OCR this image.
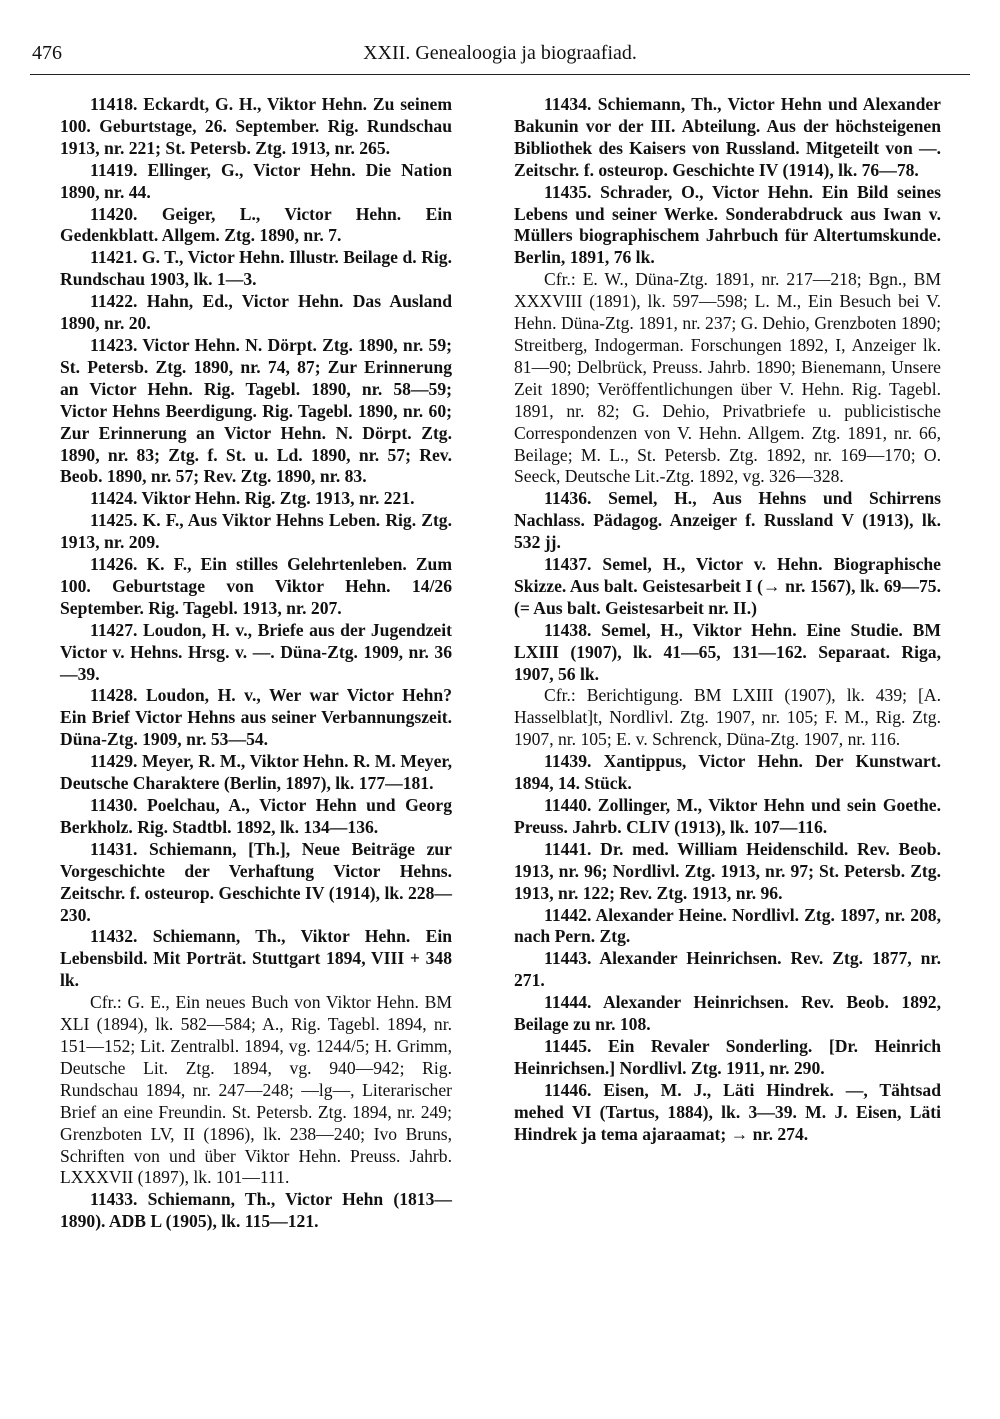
476	XXII. Genealoogia ja biograafiad.

11418. Eckardt, G. H., Viktor Hehn. Zu seinem 100. Geburtstage, 26. September. Rig. Rundschau 1913, nr. 221; St. Petersb. Ztg. 1913, nr. 265.

11419. Ellinger, G., Victor Hehn. Die Nation 1890, nr. 44.

11420. Geiger, L., Victor Hehn. Ein Gedenkblatt. Allgem. Ztg. 1890, nr. 7.

11421. G. T., Victor Hehn. Illustr. Beilage d. Rig. Rundschau 1903, lk. 1—3.

11422. Hahn, Ed., Victor Hehn. Das Ausland 1890, nr. 20.

11423. Victor Hehn. N. Dörpt. Ztg. 1890, nr. 59; St. Petersb. Ztg. 1890, nr. 74, 87; Zur Erinnerung an Victor Hehn. Rig. Tagebl. 1890, nr. 58—59; Victor Hehns Beerdigung. Rig. Tagebl. 1890, nr. 60; Zur Erinnerung an Victor Hehn. N. Dörpt. Ztg. 1890, nr. 83; Ztg. f. St. u. Ld. 1890, nr. 57; Rev. Beob. 1890, nr. 57; Rev. Ztg. 1890, nr. 83.

11424. Viktor Hehn. Rig. Ztg. 1913, nr. 221.

11425. K. F., Aus Viktor Hehns Leben. Rig. Ztg. 1913, nr. 209.

11426. K. F., Ein stilles Gelehrtenleben. Zum 100. Geburtstage von Viktor Hehn. 14/26 September. Rig. Tagebl. 1913, nr. 207.

11427. Loudon, H. v., Briefe aus der Jugendzeit Victor v. Hehns. Hrsg. v. —. Düna-Ztg. 1909, nr. 36—39.

11428. Loudon, H. v., Wer war Victor Hehn? Ein Brief Victor Hehns aus seiner Verbannungszeit. Düna-Ztg. 1909, nr. 53—54.

11429. Meyer, R. M., Viktor Hehn. R. M. Meyer, Deutsche Charaktere (Berlin, 1897), lk. 177—181.

11430. Poelchau, A., Victor Hehn und Georg Berkholz. Rig. Stadtbl. 1892, lk. 134—136.

11431. Schiemann, [Th.], Neue Beiträge zur Vorgeschichte der Verhaftung Victor Hehns. Zeitschr. f. osteurop. Geschichte IV (1914), lk. 228—230.

11432. Schiemann, Th., Viktor Hehn. Ein Lebensbild. Mit Porträt. Stuttgart 1894, VIII + 348 lk.

Cfr.: G. E., Ein neues Buch von Viktor Hehn. BM XLI (1894), lk. 582—584; A., Rig. Tagebl. 1894, nr. 151—152; Lit. Zentralbl. 1894, vg. 1244/5; H. Grimm, Deutsche Lit. Ztg. 1894, vg. 940—942; Rig. Rundschau 1894, nr. 247—248; —lg—, Literarischer Brief an eine Freundin. St. Petersb. Ztg. 1894, nr. 249; Grenzboten LV, II (1896), lk. 238—240; Ivo Bruns, Schriften von und über Viktor Hehn. Preuss. Jahrb. LXXXVII (1897), lk. 101—111.

11433. Schiemann, Th., Victor Hehn (1813—1890). ADB L (1905), lk. 115—121.

11434. Schiemann, Th., Victor Hehn und Alexander Bakunin vor der III. Abteilung. Aus der höchsteigenen Bibliothek des Kaisers von Russland. Mitgeteilt von —. Zeitschr. f. osteurop. Geschichte IV (1914), lk. 76—78.

11435. Schrader, O., Victor Hehn. Ein Bild seines Lebens und seiner Werke. Sonderabdruck aus Iwan v. Müllers biographischem Jahrbuch für Altertumskunde. Berlin, 1891, 76 lk.

Cfr.: E. W., Düna-Ztg. 1891, nr. 217—218; Bgn., BM XXXVIII (1891), lk. 597—598; L. M., Ein Besuch bei V. Hehn. Düna-Ztg. 1891, nr. 237; G. Dehio, Grenzboten 1890; Streitberg, Indogerman. Forschungen 1892, I, Anzeiger lk. 81—90; Delbrück, Preuss. Jahrb. 1890; Bienemann, Unsere Zeit 1890; Veröffentlichungen über V. Hehn. Rig. Tagebl. 1891, nr. 82; G. Dehio, Privatbriefe u. publicistische Correspondenzen von V. Hehn. Allgem. Ztg. 1891, nr. 66, Beilage; M. L., St. Petersb. Ztg. 1892, nr. 169—170; O. Seeck, Deutsche Lit.-Ztg. 1892, vg. 326—328.

11436. Semel, H., Aus Hehns und Schirrens Nachlass. Pädagog. Anzeiger f. Russland V (1913), lk. 532 jj.

11437. Semel, H., Victor v. Hehn. Biographische Skizze. Aus balt. Geistesarbeit I (→ nr. 1567), lk. 69—75. (= Aus balt. Geistesarbeit nr. II.)

11438. Semel, H., Viktor Hehn. Eine Studie. BM LXIII (1907), lk. 41—65, 131—162. Separaat. Riga, 1907, 56 lk.

Cfr.: Berichtigung. BM LXIII (1907), lk. 439; [A. Hasselblat]t, Nordlivl. Ztg. 1907, nr. 105; F. M., Rig. Ztg. 1907, nr. 105; E. v. Schrenck, Düna-Ztg. 1907, nr. 116.

11439. Xantippus, Victor Hehn. Der Kunstwart. 1894, 14. Stück.

11440. Zollinger, M., Viktor Hehn und sein Goethe. Preuss. Jahrb. CLIV (1913), lk. 107—116.

11441. Dr. med. William Heidenschild. Rev. Beob. 1913, nr. 96; Nordlivl. Ztg. 1913, nr. 97; St. Petersb. Ztg. 1913, nr. 122; Rev. Ztg. 1913, nr. 96.

11442. Alexander Heine. Nordlivl. Ztg. 1897, nr. 208, nach Pern. Ztg.

11443. Alexander Heinrichsen. Rev. Ztg. 1877, nr. 271.

11444. Alexander Heinrichsen. Rev. Beob. 1892, Beilage zu nr. 108.

11445. Ein Revaler Sonderling. [Dr. Heinrich Heinrichsen.] Nordlivl. Ztg. 1911, nr. 290.

11446. Eisen, M. J., Läti Hindrek. —, Tähtsad mehed VI (Tartus, 1884), lk. 3—39. M. J. Eisen, Läti Hindrek ja tema ajaraamat; → nr. 274.
